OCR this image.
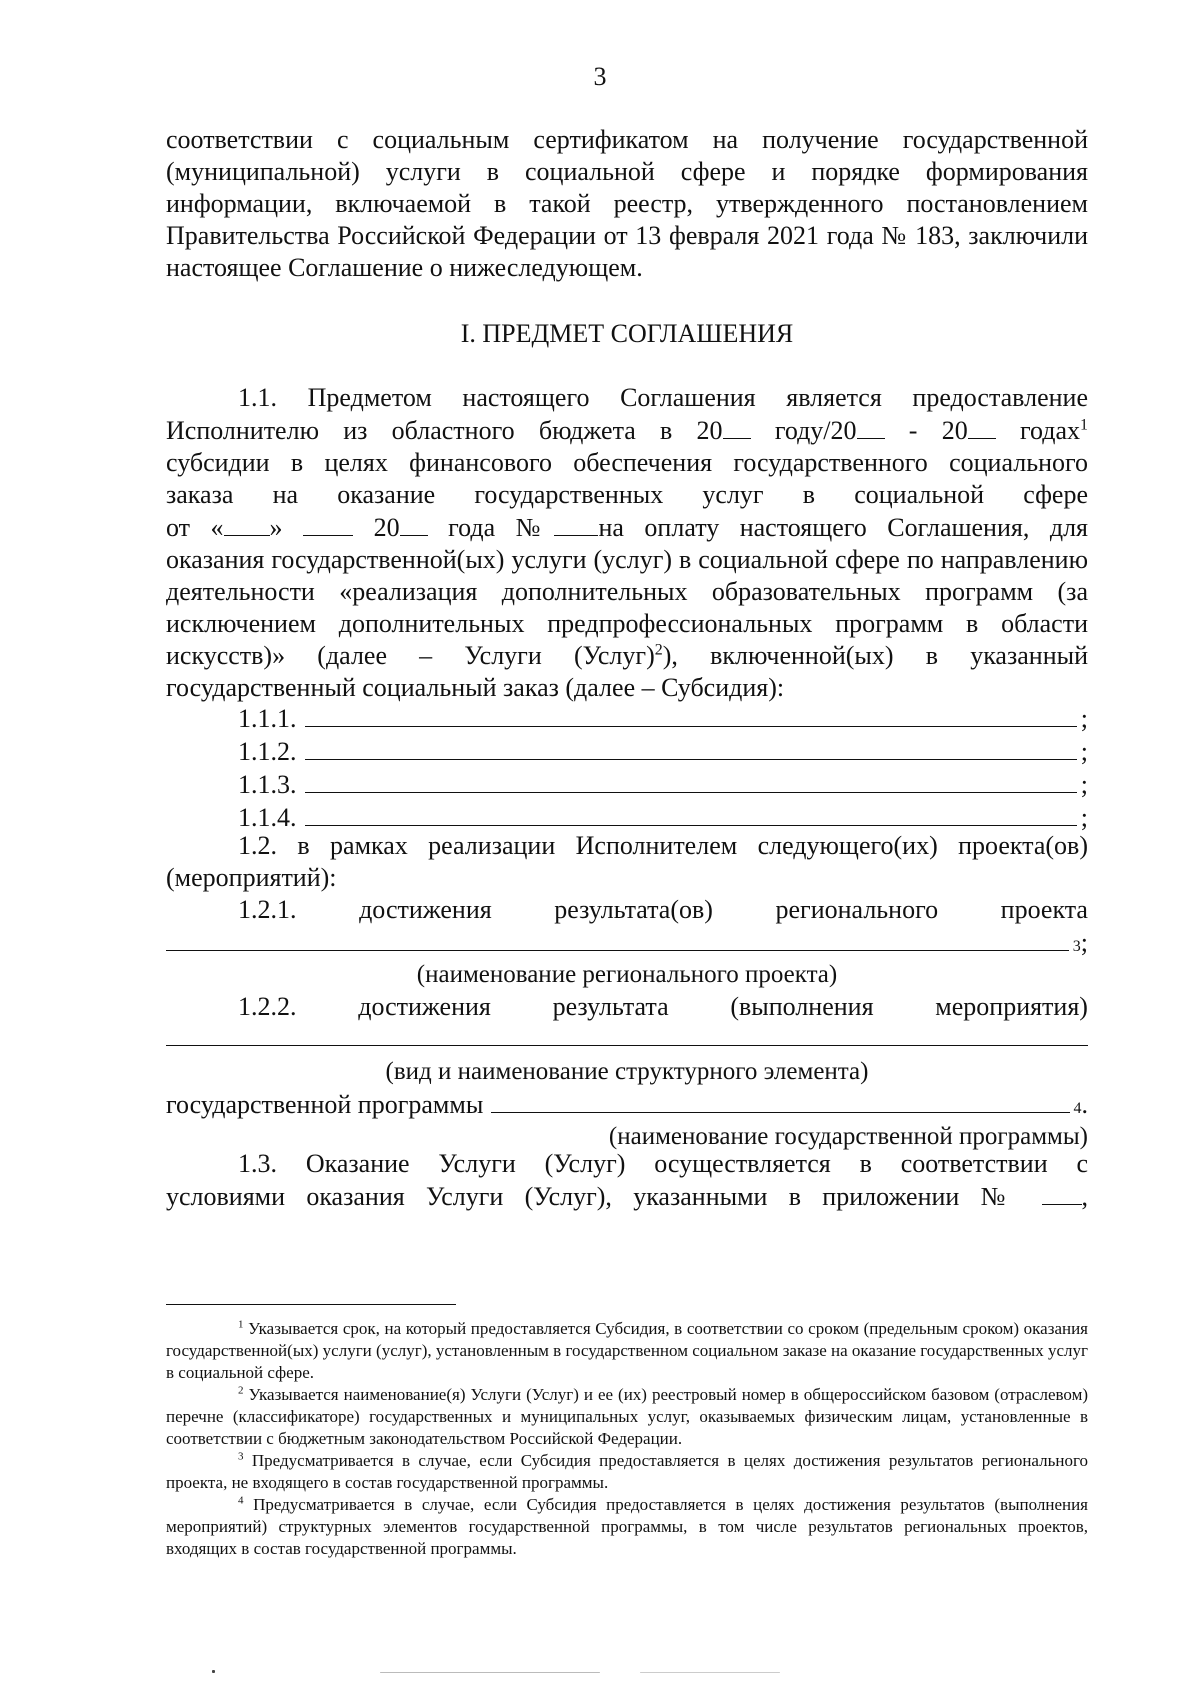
3
соответствии с социальным сертификатом на получение государственной (муниципальной) услуги в социальной сфере и порядке формирования информации, включаемой в такой реестр, утвержденного постановлением Правительства Российской Федерации от 13 февраля 2021 года № 183, заключили настоящее Соглашение о нижеследующем.
I. ПРЕДМЕТ СОГЛАШЕНИЯ
1.1. Предметом настоящего Соглашения является предоставление
Исполнителю из областного бюджета в 20 году/20 - 20 годах$^1$
субсидии в целях финансового обеспечения государственного социального
заказа на оказание государственных услуг в социальной сфере
от « »	20 года № на оплату настоящего Соглашения, для
оказания государственной(ых) услуги (услуг) в социальной сфере по направлению деятельности «реализация дополнительных образовательных программ (за исключением дополнительных предпрофессиональных программ в области искусств)» (далее – Услуги (Услуг)$^2$), включенной(ых) в указанный государственный социальный заказ (далее – Субсидия):
1.1.1.	;
1.1.2.	;
1.1.3.	;
1.1.4.	;
1.2. в рамках реализации Исполнителем следующего(их) проекта(ов) (мероприятий):
1.2.1. достижения результата(ов) регионального проекта
3 ;
(наименование регионального проекта)
1.2.2. достижения результата (выполнения мероприятия)
(вид и наименование структурного элемента)
государственной программы	4 .
(наименование государственной программы)
1.3. Оказание Услуги (Услуг) осуществляется в соответствии с
условиями оказания Услуги (Услуг), указанными в приложении № ,

$^1$ Указывается срок, на который предоставляется Субсидия, в соответствии со сроком (предельным сроком) оказания государственной(ых) услуги (услуг), установленным в государственном социальном заказе на оказание государственных услуг в социальной сфере.

$^2$ Указывается наименование(я) Услуги (Услуг) и ее (их) реестровый номер в общероссийском базовом (отраслевом) перечне (классификаторе) государственных и муниципальных услуг, оказываемых физическим лицам, установленные в соответствии с бюджетным законодательством Российской Федерации.

$^3$ Предусматривается в случае, если Субсидия предоставляется в целях достижения результатов регионального проекта, не входящего в состав государственной программы.

$^4$ Предусматривается в случае, если Субсидия предоставляется в целях достижения результатов (выполнения мероприятий) структурных элементов государственной программы, в том числе результатов региональных проектов, входящих в состав государственной программы.
